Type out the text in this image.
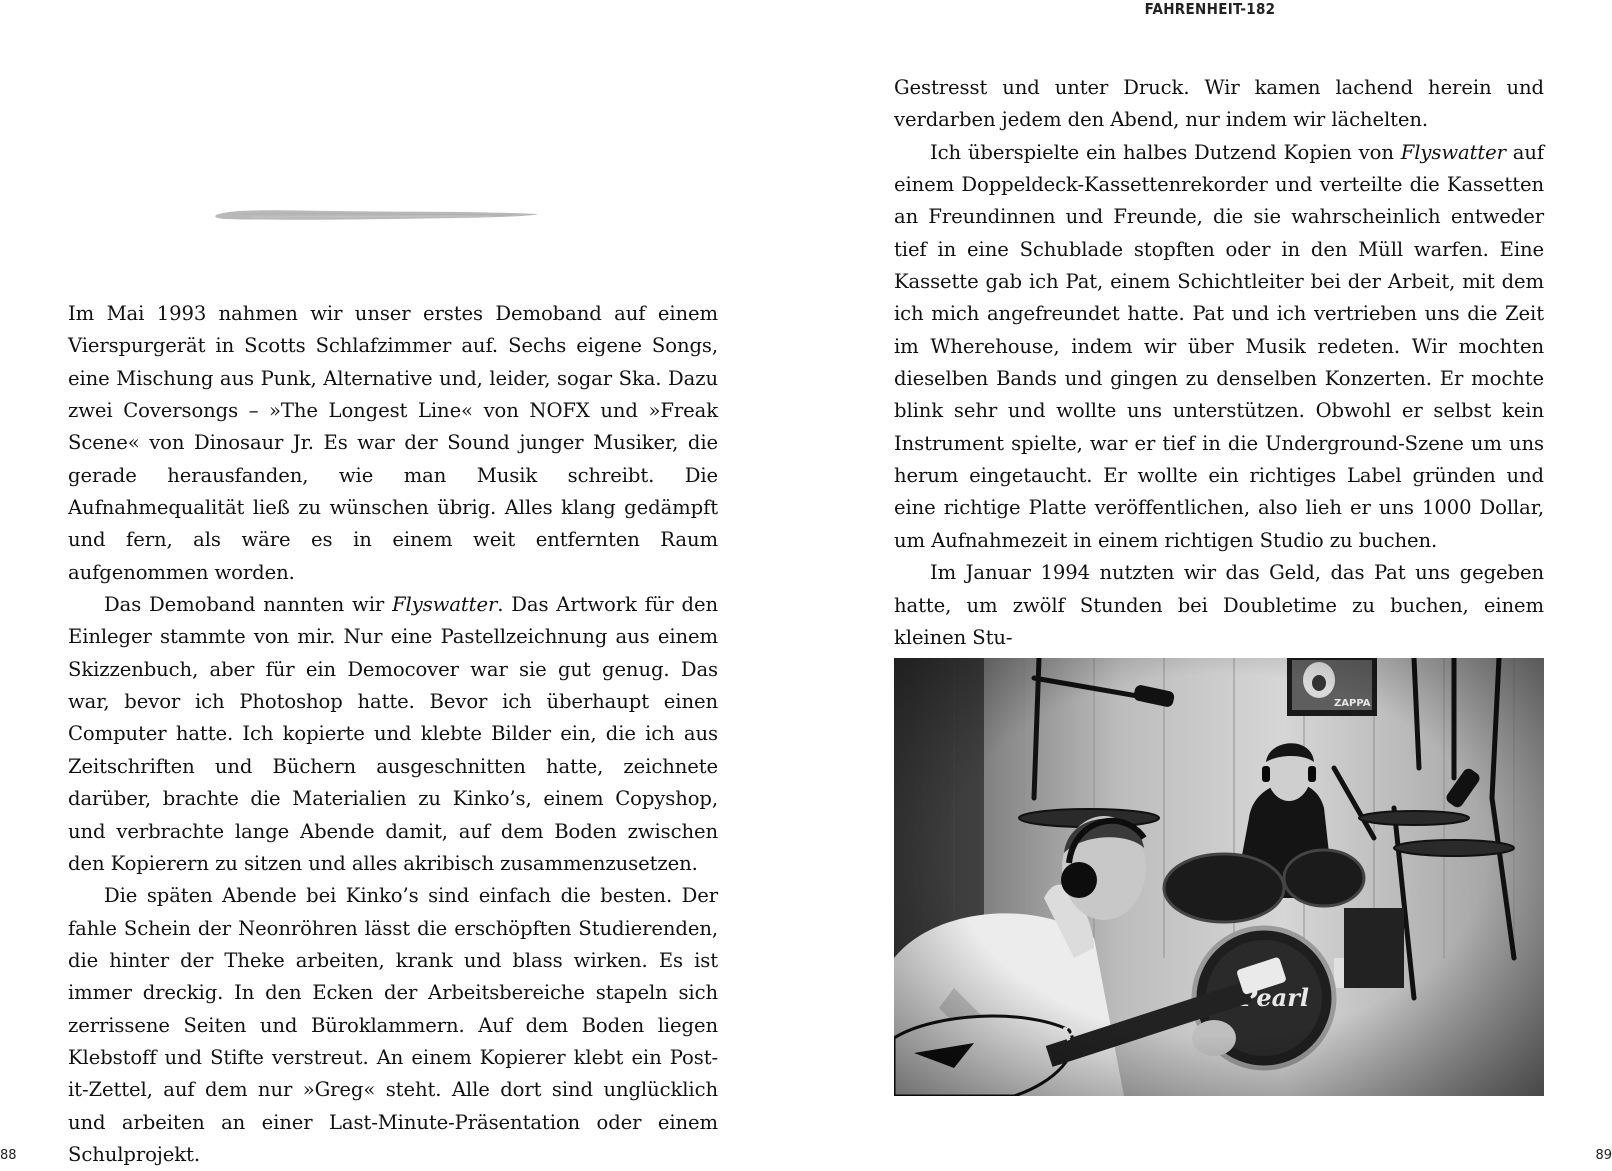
FAHRENHEIT-182

Im Mai 1993 nahmen wir unser erstes Demoband auf einem Vierspurgerät in Scotts Schlafzimmer auf. Sechs eigene Songs, eine Mischung aus Punk, Alternative und, leider, sogar Ska. Dazu zwei Coversongs – »The Longest Line« von NOFX und »Freak Scene« von Dinosaur Jr. Es war der Sound junger Musiker, die gerade herausfanden, wie man Musik schreibt. Die Aufnahmequalität ließ zu wünschen übrig. Alles klang gedämpft und fern, als wäre es in einem weit entfernten Raum aufgenommen worden.

Das Demoband nannten wir Flyswatter. Das Artwork für den Einleger stammte von mir. Nur eine Pastellzeichnung aus einem Skizzenbuch, aber für ein Democover war sie gut genug. Das war, bevor ich Photoshop hatte. Bevor ich überhaupt einen Computer hatte. Ich kopierte und klebte Bilder ein, die ich aus Zeitschriften und Büchern ausgeschnitten hatte, zeichnete darüber, brachte die Materialien zu Kinko’s, einem Copyshop, und verbrachte lange Abende damit, auf dem Boden zwischen den Kopierern zu sitzen und alles akribisch zusammenzusetzen.

Die späten Abende bei Kinko’s sind einfach die besten. Der fahle Schein der Neonröhren lässt die erschöpften Studierenden, die hinter der Theke arbeiten, krank und blass wirken. Es ist immer dreckig. In den Ecken der Arbeitsbereiche stapeln sich zerrissene Seiten und Büroklammern. Auf dem Boden liegen Klebstoff und Stifte verstreut. An einem Kopierer klebt ein Post-it-Zettel, auf dem nur »Greg« steht. Alle dort sind unglücklich und arbeiten an einer Last-Minute-Präsentation oder einem Schulprojekt.

88

Gestresst und unter Druck. Wir kamen lachend herein und verdarben jedem den Abend, nur indem wir lächelten.

Ich überspielte ein halbes Dutzend Kopien von Flyswatter auf einem Doppeldeck-Kassettenrekorder und verteilte die Kassetten an Freundinnen und Freunde, die sie wahrscheinlich entweder tief in eine Schublade stopften oder in den Müll warfen. Eine Kassette gab ich Pat, einem Schichtleiter bei der Arbeit, mit dem ich mich angefreundet hatte. Pat und ich vertrieben uns die Zeit im Wherehouse, indem wir über Musik redeten. Wir mochten dieselben Bands und gingen zu denselben Konzerten. Er mochte blink sehr und wollte uns unterstützen. Obwohl er selbst kein Instrument spielte, war er tief in die Underground-Szene um uns herum eingetaucht. Er wollte ein richtiges Label gründen und eine richtige Platte veröffentlichen, also lieh er uns 1000 Dollar, um Aufnahmezeit in einem richtigen Studio zu buchen.

Im Januar 1994 nutzten wir das Geld, das Pat uns gegeben hatte, um zwölf Stunden bei Doubletime zu buchen, einem kleinen Stu-

89
